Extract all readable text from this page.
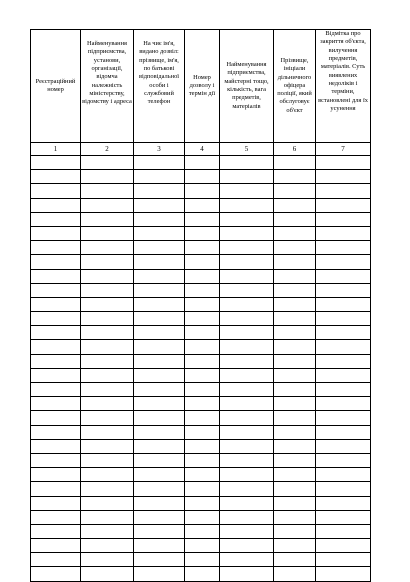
Реєстраційний номер	Найменування підприємства, установи, організації, відомча належність міністерству, відомству і адреса	На чиє ім'я, видано дозвіл: прізвище, ім'я, по батькові відповідальної особи і службовий телефон	Номер дозволу і термін дії	Найменування підприємства, майстерні тощо, кількість, вага предметів, матеріалів	Прізвище, ініціали дільничного офіцера поліції, який обслуговує об'єкт	Відмітка про закриття об'єкта, вилучення предметів, матеріалів. Суть виявлених недоліків і терміни, встановлені для їх усунення
1	2	3	4	5	6	7
